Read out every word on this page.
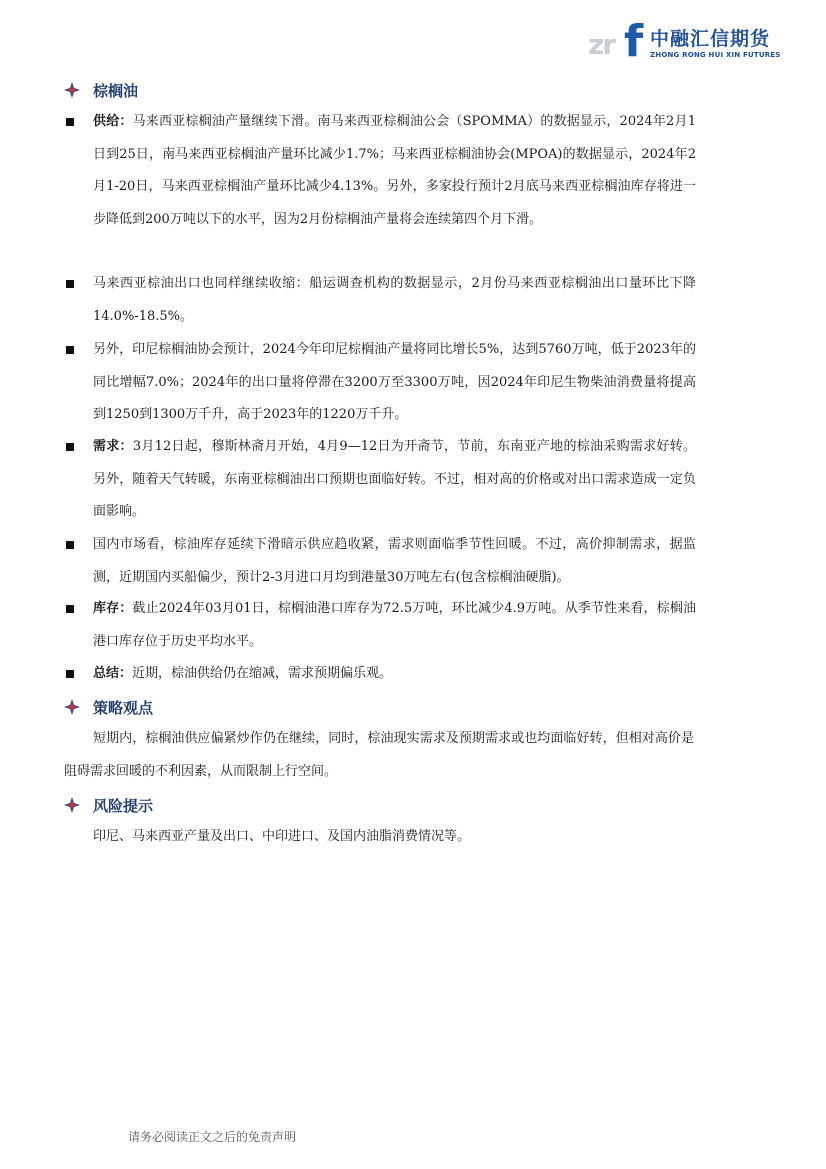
zr f 中融汇信期货
ZHONG RONG HUI XIN FUTURES
棕榈油
供给：马来西亚棕榈油产量继续下滑。南马来西亚棕榈油公会（SPOMMA）的数据显示，2024年2月1日到25日，南马来西亚棕榈油产量环比减少1.7%；马来西亚棕榈油协会(MPOA)的数据显示，2024年2月1-20日，马来西亚棕榈油产量环比减少4.13%。另外，多家投行预计2月底马来西亚棕榈油库存将进一步降低到200万吨以下的水平，因为2月份棕榈油产量将会连续第四个月下滑。
马来西亚棕油出口也同样继续收缩：船运调查机构的数据显示，2月份马来西亚棕榈油出口量环比下降14.0%-18.5%。
另外，印尼棕榈油协会预计，2024今年印尼棕榈油产量将同比增长5%，达到5760万吨，低于2023年的同比增幅7.0%；2024年的出口量将停滞在3200万至3300万吨，因2024年印尼生物柴油消费量将提高到1250到1300万千升，高于2023年的1220万千升。
需求：3月12日起，穆斯林斋月开始，4月9—12日为开斋节，节前，东南亚产地的棕油采购需求好转。另外，随着天气转暖，东南亚棕榈油出口预期也面临好转。不过，相对高的价格或对出口需求造成一定负面影响。
国内市场看，棕油库存延续下滑暗示供应趋收紧，需求则面临季节性回暖。不过，高价抑制需求，据监测，近期国内买船偏少，预计2-3月进口月均到港量30万吨左右(包含棕榈油硬脂)。
库存：截止2024年03月01日，棕榈油港口库存为72.5万吨，环比减少4.9万吨。从季节性来看，棕榈油港口库存位于历史平均水平。
总结：近期，棕油供给仍在缩减，需求预期偏乐观。
策略观点
短期内，棕榈油供应偏紧炒作仍在继续，同时，棕油现实需求及预期需求或也均面临好转，但相对高价是阻碍需求回暖的不利因素，从而限制上行空间。
风险提示
印尼、马来西亚产量及出口、中印进口、及国内油脂消费情况等。
请务必阅读正文之后的免责声明
